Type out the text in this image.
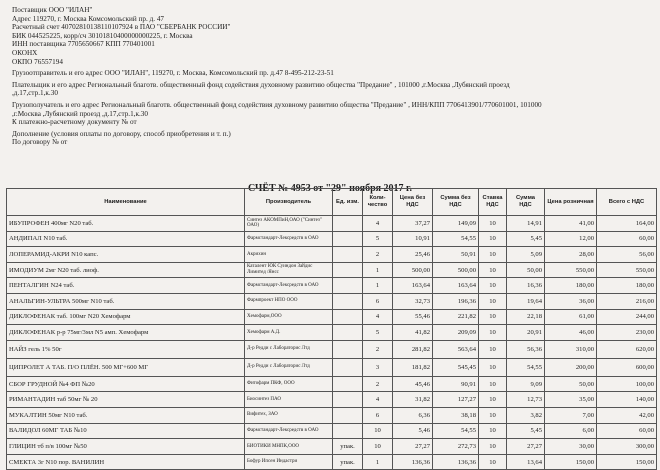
Поставщик ООО "ИЛАН"
Адрес 119270, г. Москва Комсомольский пр. д. 47
Расчетный счет 40702810138110107924 в ПАО "СБЕРБАНК РОССИИ"
БИК 044525225, корр/сч 30101810400000000225, г. Москва
ИНН поставщика 7705650667 КПП 770401001
ОКОНХ
ОКПО 76557194
Грузоотправитель и его адрес ООО "ИЛАН", 119270, г. Москва, Комсомольский пр. д.47 8-495-212-23-51
Плательщик и его адрес Региональный благотв. общественный фонд содействия духовному развитию общества "Предание" , 101000 ,г.Москва ,Лубянский проезд
,д.17,стр.1,к.30
Грузополучатель и его адрес Региональный благотв. общественный фонд содействия духовному развитию общества "Предание" , ИНН/КПП 7706413901/770601001, 101000
,г.Москва ,Лубянский проезд ,д.17,стр.1,к.30
К платежно-расчетному документу № от
Дополнение (условия оплаты по договору, способ приобретения и т. п.)
По договору № от
СЧЁТ № 4953 от "29" ноября 2017 г.
Наименование	Производитель	Ед. изм.	Коли-чество	Цена без НДС	Сумма без НДС	Ставка НДС	Сумма НДС	Цена розничная	Всего с НДС
ИБУПРОФЕН 400мг N20 таб.	Синтез АКОМПиН,ОАО ("Синтез" ОАО)		4	37,27	149,09	10	14,91	41,00	164,00
АНДИПАЛ N10 таб.	Фармстандарт-Лексредств в ОАО		5	10,91	54,55	10	5,45	12,00	60,00
ЛОПЕРАМИД-АКРИ N10 капс.	Акрихин		2	25,46	50,91	10	5,09	28,00	56,00
ИМОДИУМ 2мг N20 таб. лиоф.	Каталент ЮК Суиндон Зайдис Лимитед /Янсс		1	500,00	500,00	10	50,00	550,00	550,00
ПЕНТАЛГИН N24 таб.	Фармстандарт-Лексредств в ОАО		1	163,64	163,64	10	16,36	180,00	180,00
АНАЛЬГИН-УЛЬТРА 500мг N10 таб.	Фармпроект НПО ООО		6	32,73	196,36	10	19,64	36,00	216,00
ДИКЛОФЕНАК таб. 100мг N20 Хемофарм	Хемофарм,ООО		4	55,46	221,82	10	22,18	61,00	244,00
ДИКЛОФЕНАК р-р 75мг/3мл N5 амп. Хемофарм	Хемофарм А.Д.		5	41,82	209,09	10	20,91	46,00	230,00
НАЙЗ гель 1% 50г	Д-р Редди с Лабораторис Лтд		2	281,82	563,64	10	56,36	310,00	620,00
ЦИПРОЛЕТ А ТАБ. П/О ПЛЁН. 500 МГ+600 МГ	Д-р Редди с Лабораторис Лтд		3	181,82	545,45	10	54,55	200,00	600,00
СБОР ГРУДНОЙ №4 ФП №20	Фитофарм ПКФ, ООО		2	45,46	90,91	10	9,09	50,00	100,00
РИМАНТАДИН таб 50мг № 20	Биосинтез ПАО		4	31,82	127,27	10	12,73	35,00	140,00
МУКАЛТИН 50мг N10 таб.	Вифитех, ЗАО		6	6,36	38,18	10	3,82	7,00	42,00
ВАЛИДОЛ 60МГ ТАБ №10	Фармстандарт-Лексредств в ОАО		10	5,46	54,55	10	5,45	6,00	60,00
ГЛИЦИН тб п/в 100мг №50	БИОТИКИ МНПК,ООО	упак.	10	27,27	272,73	10	27,27	30,00	300,00
СМЕКТА 3г N10 пор. ВАНИЛИН	Бофур Ипсен Индастри	упак.	1	136,36	136,36	10	13,64	150,00	150,00
